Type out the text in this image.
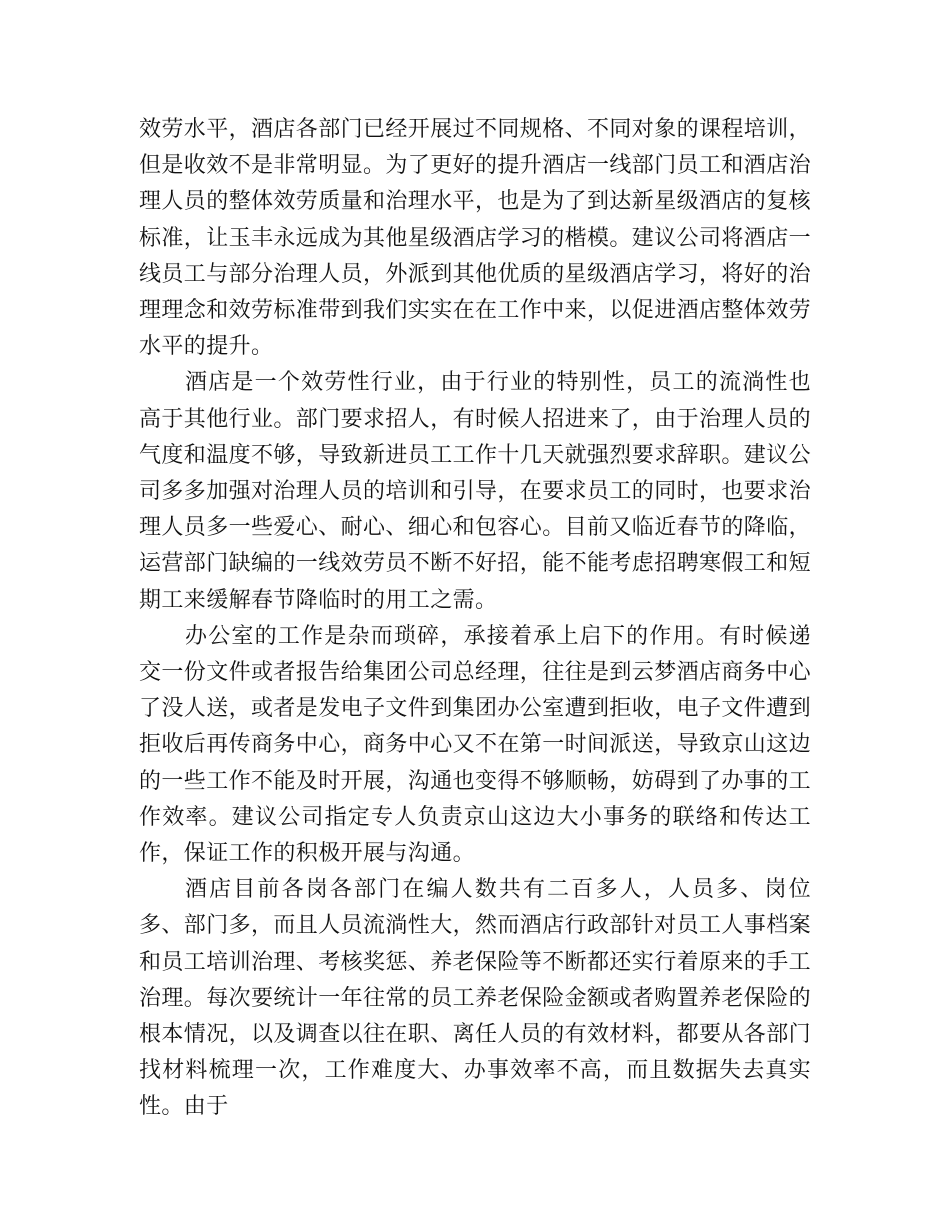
效劳水平，酒店各部门已经开展过不同规格、不同对象的课程培训，但是收效不是非常明显。为了更好的提升酒店一线部门员工和酒店治理人员的整体效劳质量和治理水平，也是为了到达新星级酒店的复核标准，让玉丰永远成为其他星级酒店学习的楷模。建议公司将酒店一线员工与部分治理人员，外派到其他优质的星级酒店学习，将好的治理理念和效劳标准带到我们实实在在工作中来，以促进酒店整体效劳水平的提升。

酒店是一个效劳性行业，由于行业的特别性，员工的流淌性也高于其他行业。部门要求招人，有时候人招进来了，由于治理人员的气度和温度不够，导致新进员工工作十几天就强烈要求辞职。建议公司多多加强对治理人员的培训和引导，在要求员工的同时，也要求治理人员多一些爱心、耐心、细心和包容心。目前又临近春节的降临，运营部门缺编的一线效劳员不断不好招，能不能考虑招聘寒假工和短期工来缓解春节降临时的用工之需。

办公室的工作是杂而琐碎，承接着承上启下的作用。有时候递交一份文件或者报告给集团公司总经理，往往是到云梦酒店商务中心了没人送，或者是发电子文件到集团办公室遭到拒收，电子文件遭到拒收后再传商务中心，商务中心又不在第一时间派送，导致京山这边的一些工作不能及时开展，沟通也变得不够顺畅，妨碍到了办事的工作效率。建议公司指定专人负责京山这边大小事务的联络和传达工作，保证工作的积极开展与沟通。

酒店目前各岗各部门在编人数共有二百多人，人员多、岗位多、部门多，而且人员流淌性大，然而酒店行政部针对员工人事档案和员工培训治理、考核奖惩、养老保险等不断都还实行着原来的手工治理。每次要统计一年往常的员工养老保险金额或者购置养老保险的根本情况，以及调查以往在职、离任人员的有效材料，都要从各部门找材料梳理一次，工作难度大、办事效率不高，而且数据失去真实性。由于
